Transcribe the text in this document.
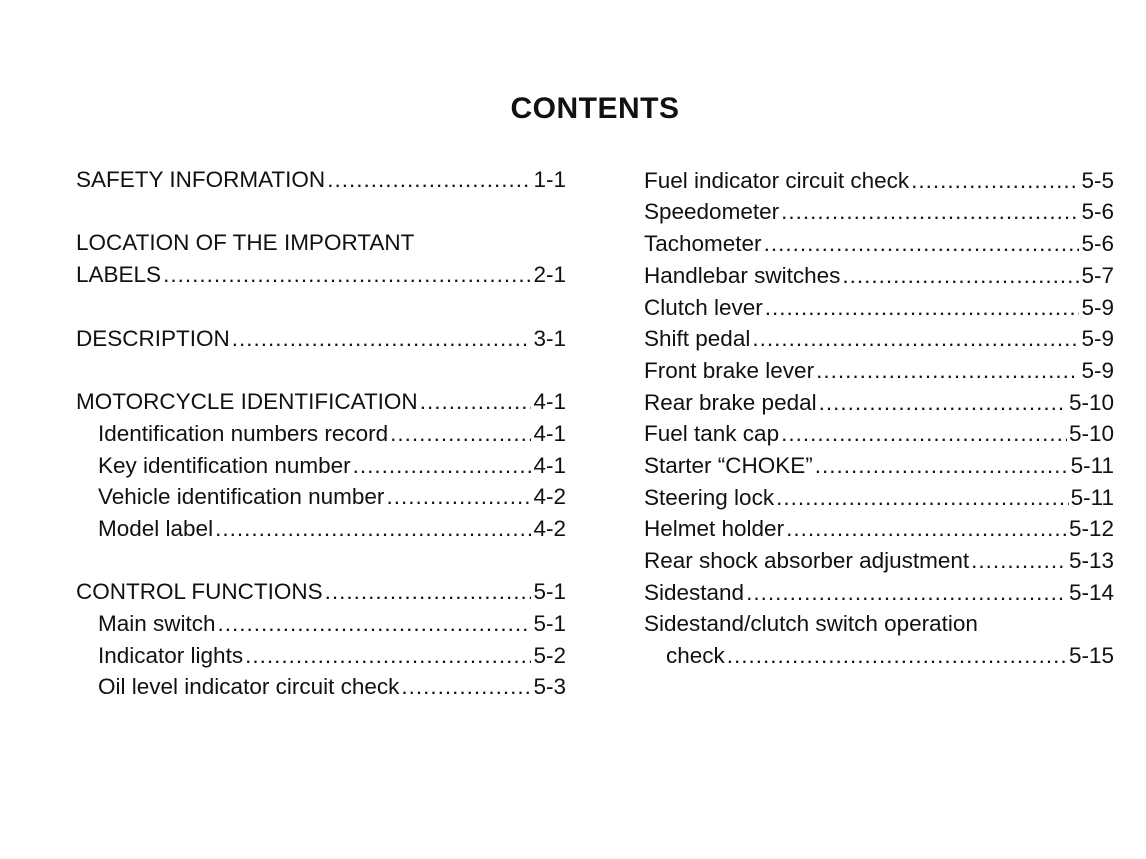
CONTENTS
SAFETY INFORMATION .....	1-1
LOCATION OF THE IMPORTANT
LABELS .....	2-1
DESCRIPTION .....	3-1
MOTORCYCLE IDENTIFICATION .....	4-1
Identification numbers record .....	4-1
Key identification number .....	4-1
Vehicle identification number .....	4-2
Model label .....	4-2
CONTROL FUNCTIONS .....	5-1
Main switch .....	5-1
Indicator lights .....	5-2
Oil level indicator circuit check .....	5-3
Fuel indicator circuit check .....	5-5
Speedometer .....	5-6
Tachometer .....	5-6
Handlebar switches .....	5-7
Clutch lever .....	5-9
Shift pedal .....	5-9
Front brake lever .....	5-9
Rear brake pedal .....	5-10
Fuel tank cap .....	5-10
Starter “CHOKE” .....	5-11
Steering lock .....	5-11
Helmet holder .....	5-12
Rear shock absorber adjustment .....	5-13
Sidestand .....	5-14
Sidestand/clutch switch operation
check .....	5-15
